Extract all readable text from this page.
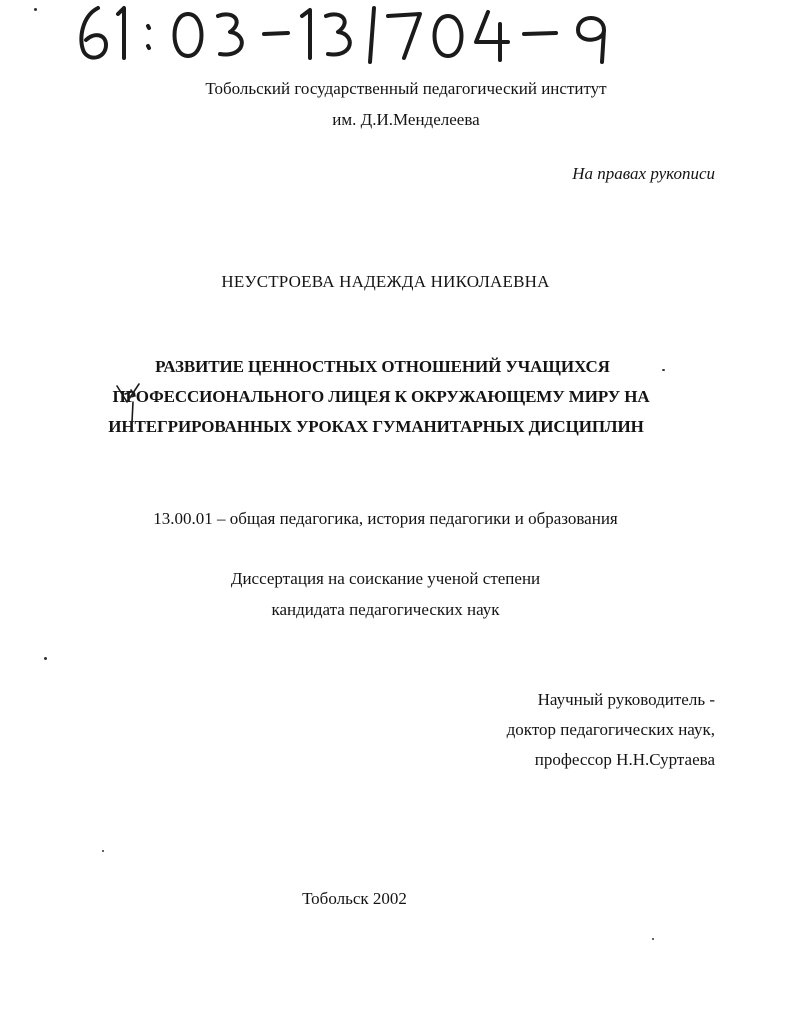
Тобольский государственный педагогический институт
им. Д.И.Менделеева
На правах рукописи
НЕУСТРОЕВА НАДЕЖДА НИКОЛАЕВНА
РАЗВИТИЕ ЦЕННОСТНЫХ ОТНОШЕНИЙ УЧАЩИХСЯ
ПРОФЕССИОНАЛЬНОГО ЛИЦЕЯ К ОКРУЖАЮЩЕМУ МИРУ НА
ИНТЕГРИРОВАННЫХ УРОКАХ ГУМАНИТАРНЫХ ДИСЦИПЛИН
13.00.01 – общая педагогика, история педагогики и образования
Диссертация на соискание ученой степени
кандидата педагогических наук
Научный руководитель -
доктор педагогических наук,
профессор Н.Н.Суртаева
Тобольск 2002
